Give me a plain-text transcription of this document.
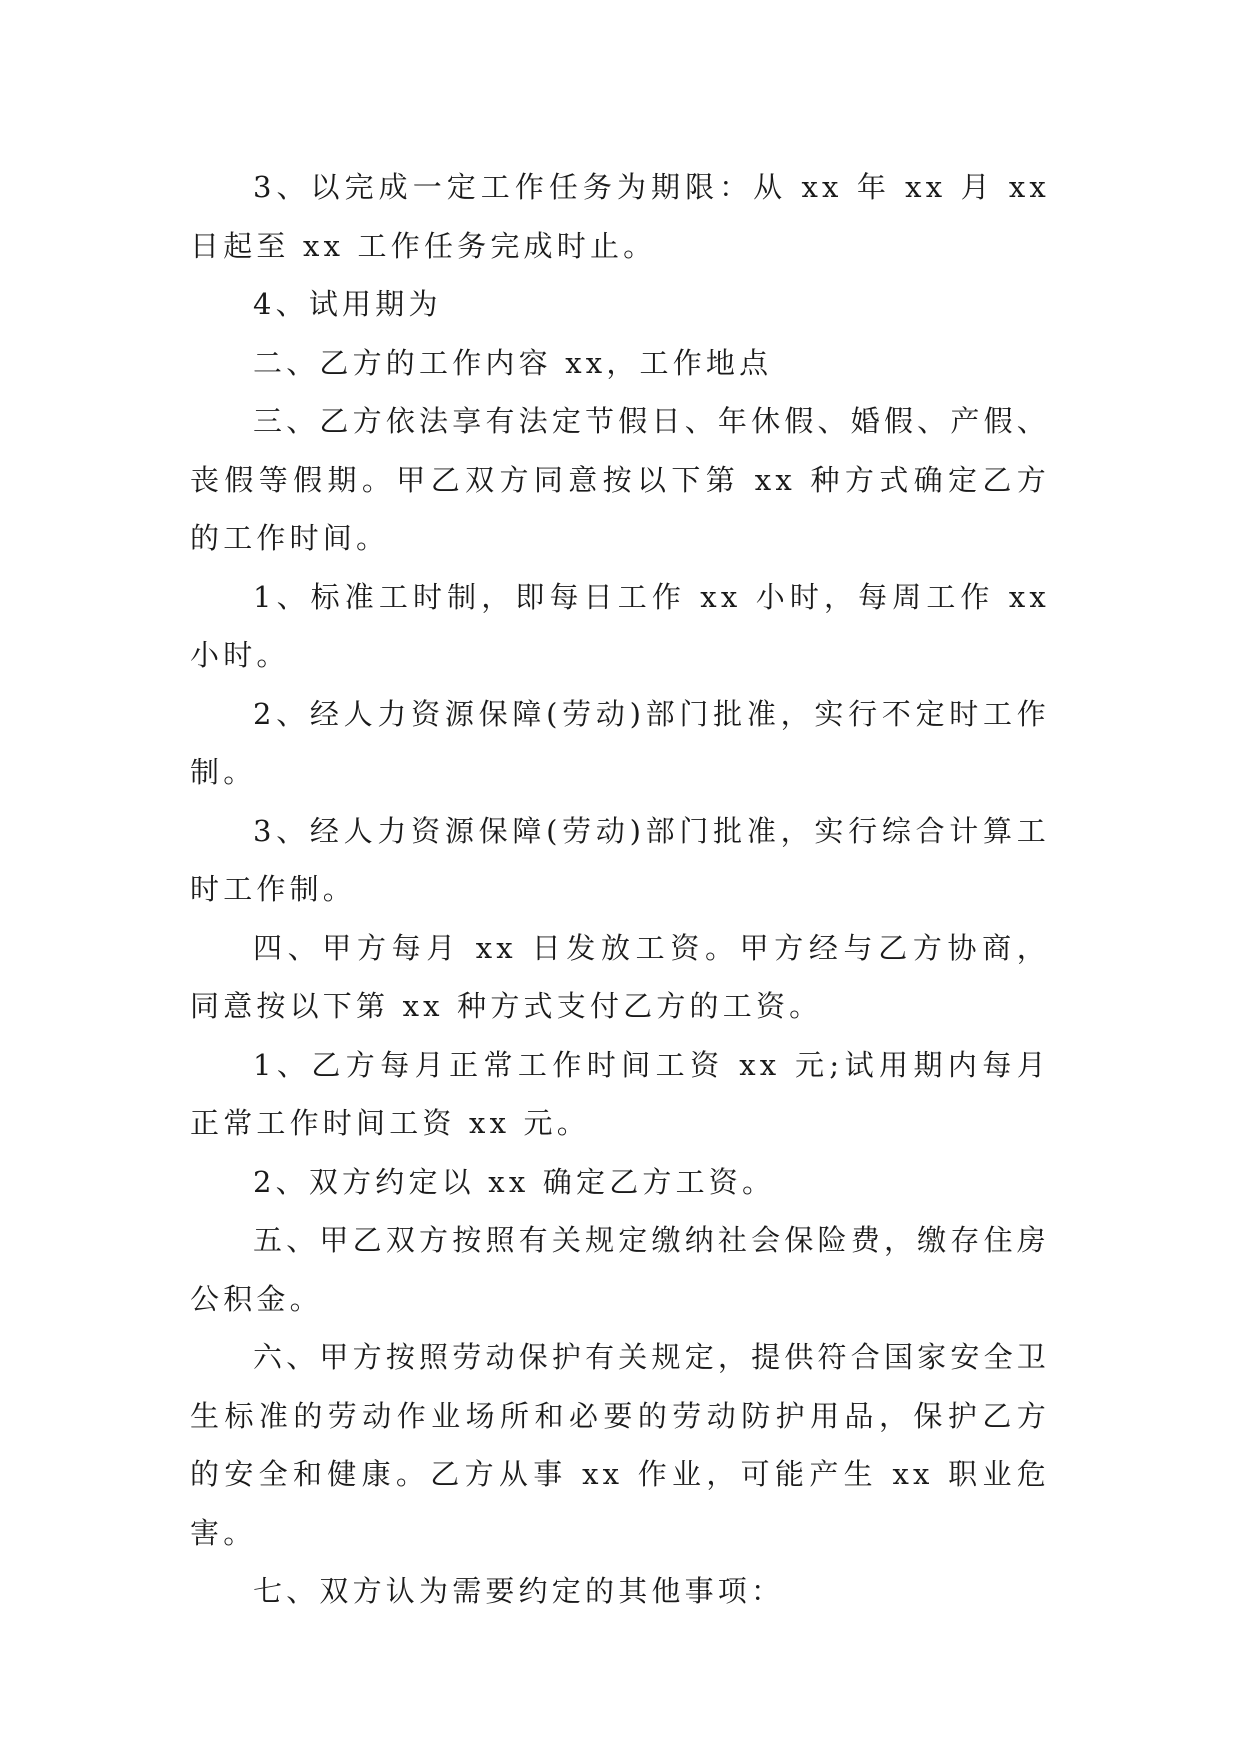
3、以完成一定工作任务为期限：从 xx 年 xx 月 xx 日起至 xx 工作任务完成时止。

4、试用期为

二、乙方的工作内容 xx，工作地点

三、乙方依法享有法定节假日、年休假、婚假、产假、丧假等假期。甲乙双方同意按以下第 xx 种方式确定乙方的工作时间。

1、标准工时制，即每日工作 xx 小时，每周工作 xx 小时。

2、经人力资源保障(劳动)部门批准，实行不定时工作制。

3、经人力资源保障(劳动)部门批准，实行综合计算工时工作制。

四、甲方每月 xx 日发放工资。甲方经与乙方协商，同意按以下第 xx 种方式支付乙方的工资。

1、乙方每月正常工作时间工资 xx 元;试用期内每月正常工作时间工资 xx 元。

2、双方约定以 xx 确定乙方工资。

五、甲乙双方按照有关规定缴纳社会保险费，缴存住房公积金。

六、甲方按照劳动保护有关规定，提供符合国家安全卫生标准的劳动作业场所和必要的劳动防护用品，保护乙方的安全和健康。乙方从事 xx 作业，可能产生 xx 职业危害。

七、双方认为需要约定的其他事项：
